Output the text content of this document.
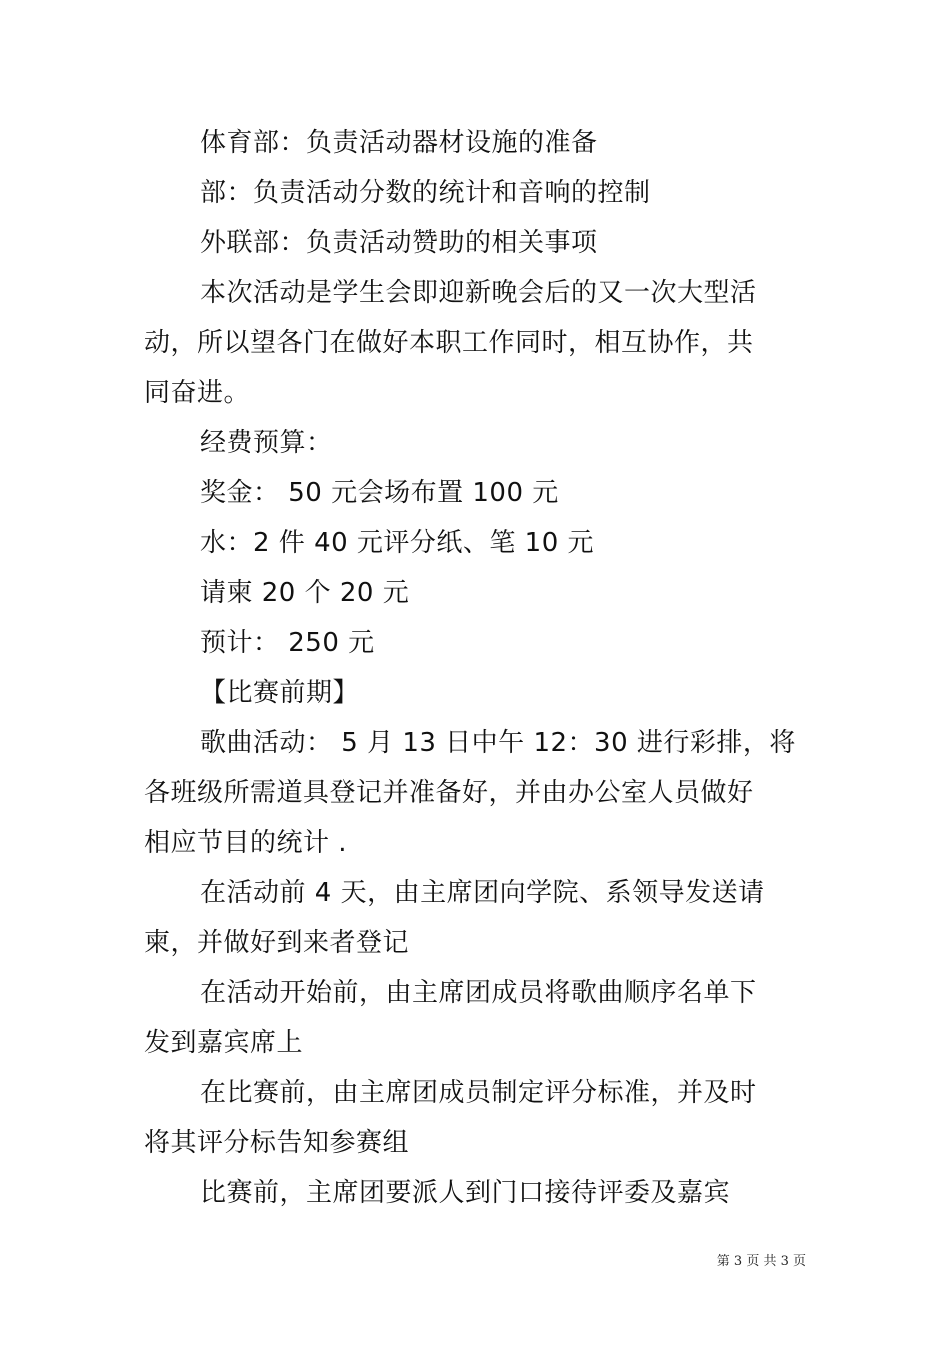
体育部：负责活动器材设施的准备
部：负责活动分数的统计和音响的控制
外联部：负责活动赞助的相关事项
本次活动是学生会即迎新晚会后的又一次大型活
动，所以望各门在做好本职工作同时，相互协作，共
同奋进。
经费预算：
奖金： 50 元会场布置 100 元
水：2 件 40 元评分纸、笔 10 元
请柬 20 个 20 元
预计： 250 元
【比赛前期】
歌曲活动： 5 月 13 日中午 12：30 进行彩排，将
各班级所需道具登记并准备好，并由办公室人员做好
相应节目的统计 .
在活动前 4 天，由主席团向学院、系领导发送请
柬，并做好到来者登记
在活动开始前，由主席团成员将歌曲顺序名单下
发到嘉宾席上
在比赛前，由主席团成员制定评分标准，并及时
将其评分标告知参赛组
比赛前，主席团要派人到门口接待评委及嘉宾
第 3 页 共 3 页
